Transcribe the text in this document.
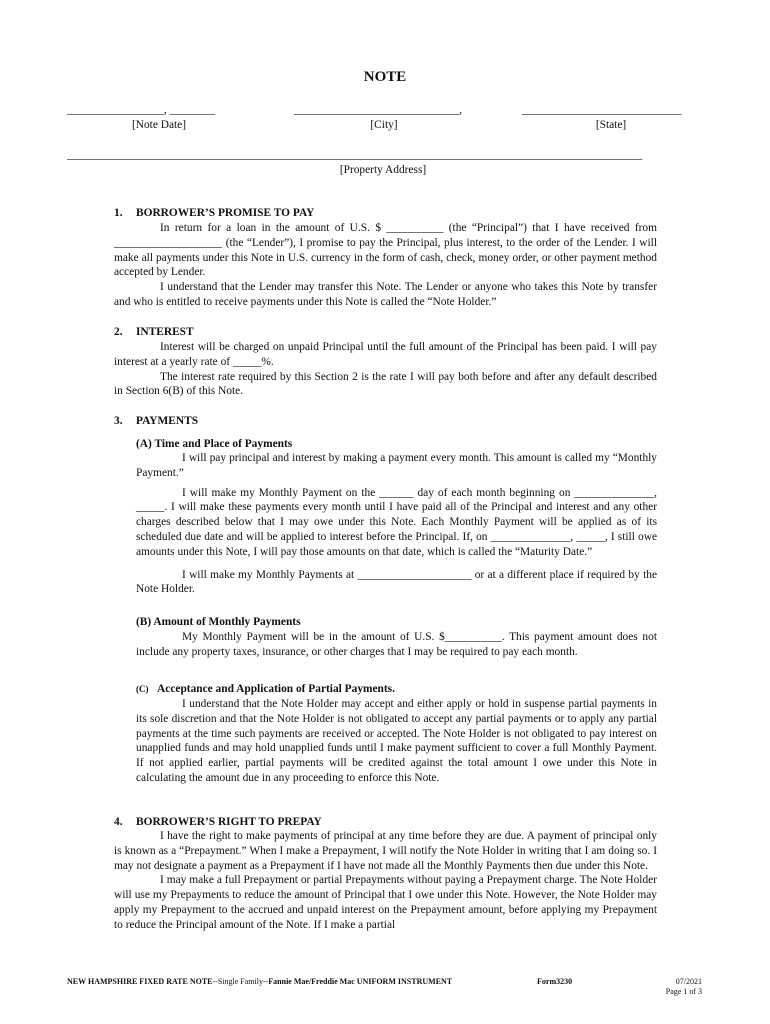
NOTE
_________________, ________
[Note Date]
_____________________________,
[City]
____________________________
[State]
_____________________________________________________________________________________________________
[Property Address]
1. BORROWER’S PROMISE TO PAY

In return for a loan in the amount of U.S. $ __________ (the “Principal”) that I have received from ___________________ (the “Lender”), I promise to pay the Principal, plus interest, to the order of the Lender. I will make all payments under this Note in U.S. currency in the form of cash, check, money order, or other payment method accepted by Lender.

I understand that the Lender may transfer this Note. The Lender or anyone who takes this Note by transfer and who is entitled to receive payments under this Note is called the “Note Holder.”

2. INTEREST

Interest will be charged on unpaid Principal until the full amount of the Principal has been paid. I will pay interest at a yearly rate of _____%.

The interest rate required by this Section 2 is the rate I will pay both before and after any default described in Section 6(B) of this Note.

3. PAYMENTS
(A) Time and Place of Payments

I will pay principal and interest by making a payment every month. This amount is called my “Monthly Payment.”

I will make my Monthly Payment on the ______ day of each month beginning on ______________, _____. I will make these payments every month until I have paid all of the Principal and interest and any other charges described below that I may owe under this Note. Each Monthly Payment will be applied as of its scheduled due date and will be applied to interest before the Principal. If, on ______________, _____, I still owe amounts under this Note, I will pay those amounts on that date, which is called the “Maturity Date.”

I will make my Monthly Payments at ____________________ or at a different place if required by the Note Holder.

(B) Amount of Monthly Payments

My Monthly Payment will be in the amount of U.S. $__________. This payment amount does not include any property taxes, insurance, or other charges that I may be required to pay each month.

(C) Acceptance and Application of Partial Payments.

I understand that the Note Holder may accept and either apply or hold in suspense partial payments in its sole discretion and that the Note Holder is not obligated to accept any partial payments or to apply any partial payments at the time such payments are received or accepted. The Note Holder is not obligated to pay interest on unapplied funds and may hold unapplied funds until I make payment sufficient to cover a full Monthly Payment. If not applied earlier, partial payments will be credited against the total amount I owe under this Note in calculating the amount due in any proceeding to enforce this Note.

4. BORROWER’S RIGHT TO PREPAY

I have the right to make payments of principal at any time before they are due. A payment of principal only is known as a “Prepayment.” When I make a Prepayment, I will notify the Note Holder in writing that I am doing so. I may not designate a payment as a Prepayment if I have not made all the Monthly Payments then due under this Note.

I may make a full Prepayment or partial Prepayments without paying a Prepayment charge. The Note Holder will use my Prepayments to reduce the amount of Principal that I owe under this Note. However, the Note Holder may apply my Prepayment to the accrued and unpaid interest on the Prepayment amount, before applying my Prepayment to reduce the Principal amount of the Note. If I make a partial

NEW HAMPSHIRE FIXED RATE NOTE--Single Family--Fannie Mae/Freddie Mac UNIFORM INSTRUMENT	Form3230	07/2021
Page 1 of 3
